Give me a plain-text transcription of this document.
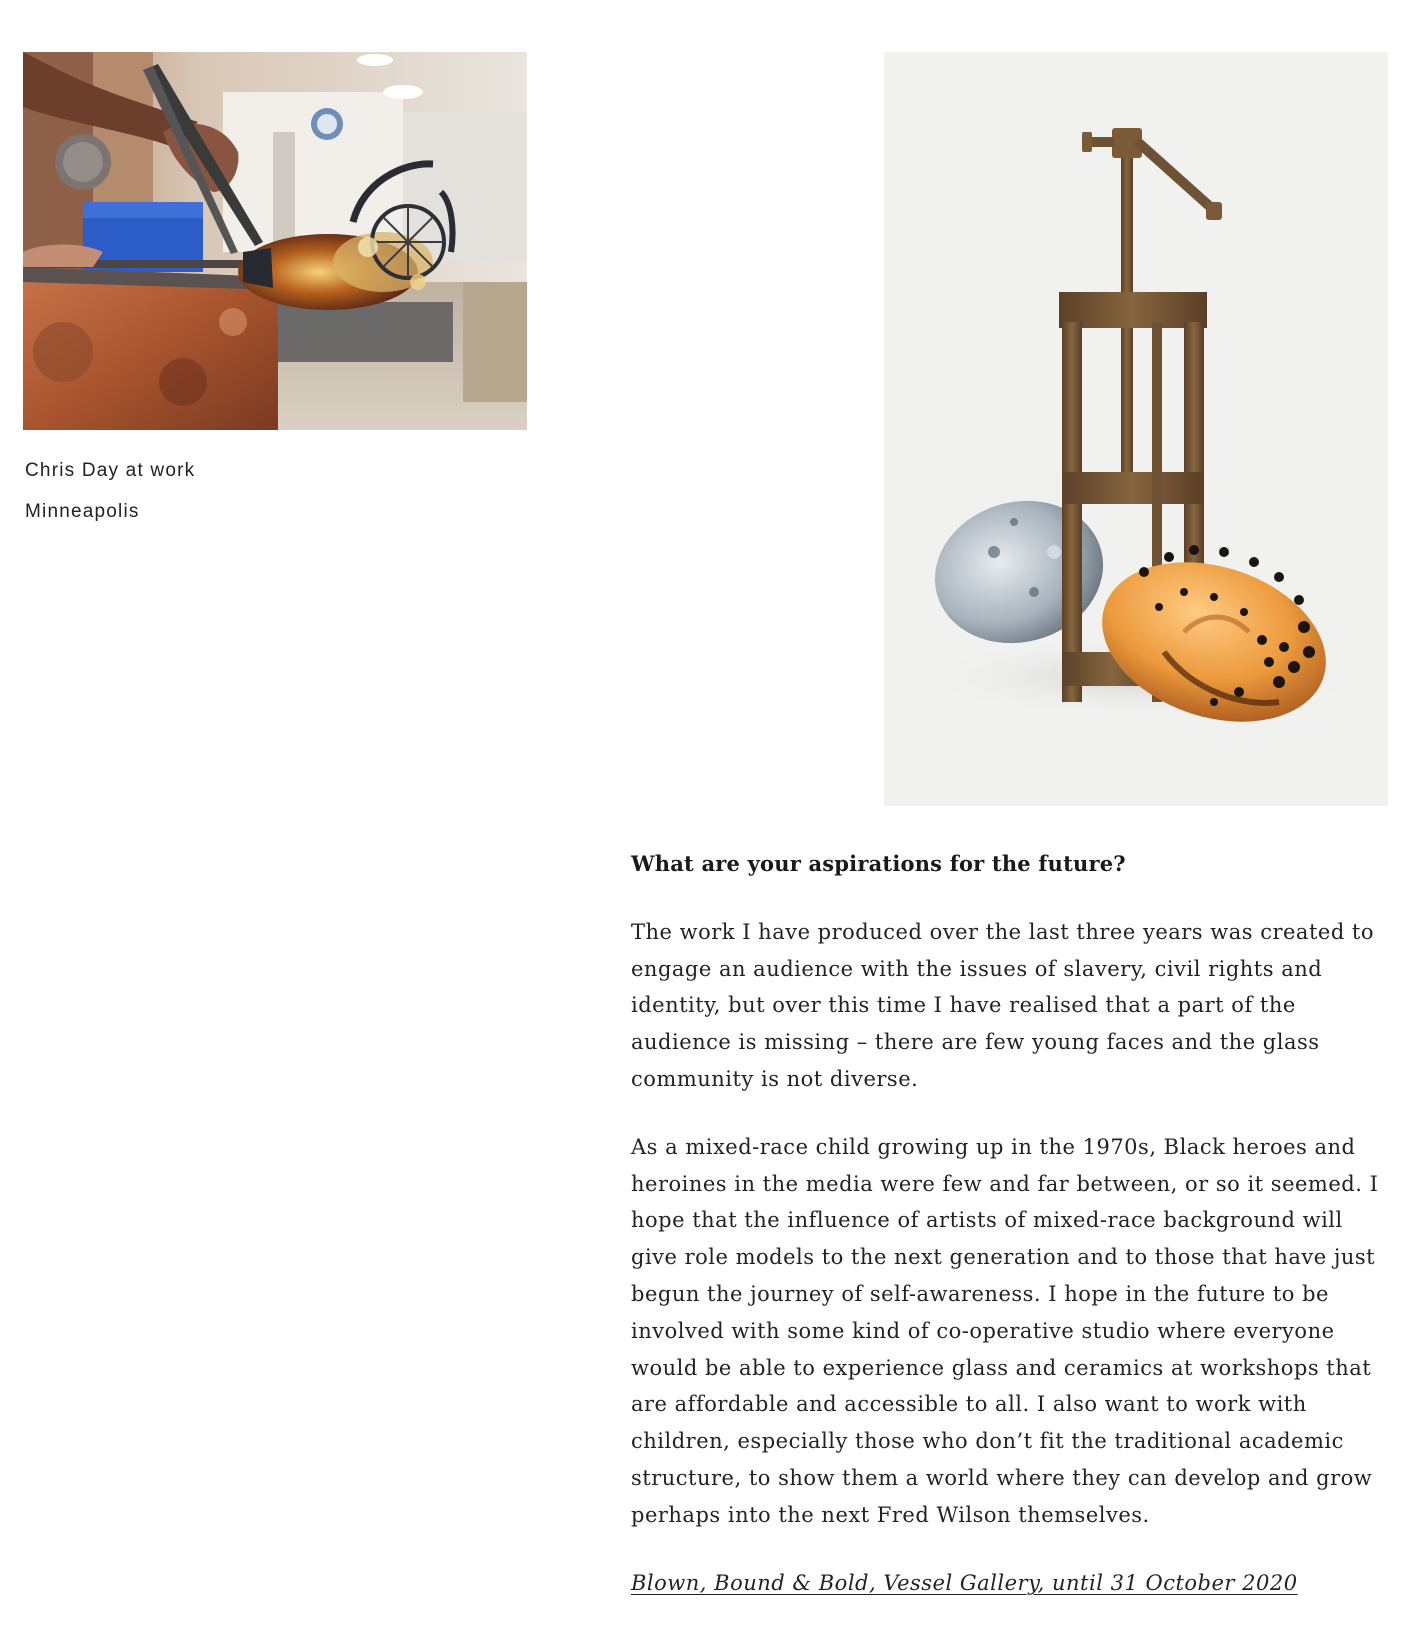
Chris Day at work
Minneapolis
What are your aspirations for the future?

The work I have produced over the last three years was created to engage an audience with the issues of slavery, civil rights and identity, but over this time I have realised that a part of the audience is missing – there are few young faces and the glass community is not diverse.

As a mixed-race child growing up in the 1970s, Black heroes and heroines in the media were few and far between, or so it seemed. I hope that the influence of artists of mixed-race background will give role models to the next generation and to those that have just begun the journey of self-awareness. I hope in the future to be involved with some kind of co-operative studio where everyone would be able to experience glass and ceramics at workshops that are affordable and accessible to all. I also want to work with children, especially those who don’t fit the traditional academic structure, to show them a world where they can develop and grow perhaps into the next Fred Wilson themselves.

Blown, Bound & Bold, Vessel Gallery, until 31 October 2020
